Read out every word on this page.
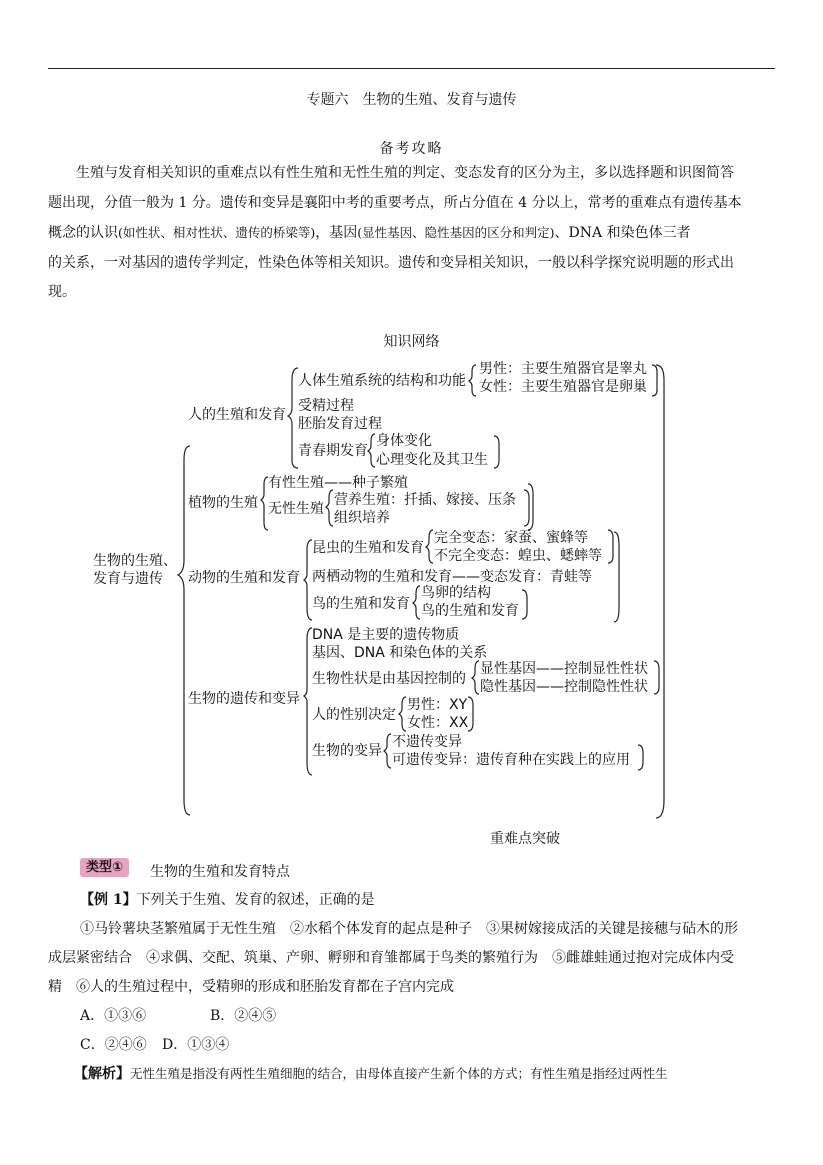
专题六　生物的生殖、发育与遗传
备考攻略

生殖与发育相关知识的重难点以有性生殖和无性生殖的判定、变态发育的区分为主，多以选择题和识图简答

题出现，分值一般为 1 分。遗传和变异是襄阳中考的重要考点，所占分值在 4 分以上，常考的重难点有遗传基本
概念的认识(如性状、相对性状、遗传的桥梁等)，基因(显性基因、隐性基因的区分和判定)、DNA 和染色体三者
的关系，一对基因的遗传学判定，性染色体等相关知识。遗传和变异相关知识，一般以科学探究说明题的形式出
现。
知识网络
生物的生殖、
发育与遗传
人的生殖和发育
人体生殖系统的结构和功能
男性：主要生殖器官是睾丸
女性：主要生殖器官是卵巢
受精过程
胚胎发育过程
青春期发育
身体变化
心理变化及其卫生
植物的生殖
有性生殖——种子繁殖
无性生殖
营养生殖：扦插、嫁接、压条
组织培养
动物的生殖和发育
昆虫的生殖和发育
完全变态：家蚕、蜜蜂等
不完全变态：蝗虫、蟋蟀等
两栖动物的生殖和发育——变态发育：青蛙等
鸟的生殖和发育
鸟卵的结构
鸟的生殖和发育
生物的遗传和变异
DNA 是主要的遗传物质
基因、DNA 和染色体的关系
生物性状是由基因控制的
显性基因——控制显性性状
隐性基因——控制隐性性状
人的性别决定
男性：XY
女性：XX
生物的变异
不遗传变异
可遗传变异：遗传育种在实践上的应用
重难点突破
类型①	生物的生殖和发育特点
【例 1】下列关于生殖、发育的叙述，正确的是
①马铃薯块茎繁殖属于无性生殖　②水稻个体发育的起点是种子　③果树嫁接成活的关键是接穗与砧木的形
成层紧密结合　④求偶、交配、筑巢、产卵、孵卵和育雏都属于鸟类的繁殖行为　⑤雌雄蛙通过抱对完成体内受
精　⑥人的生殖过程中，受精卵的形成和胚胎发育都在子宫内完成
A．①③⑥	B．②④⑤
C．②④⑥ D．①③④
【解析】无性生殖是指没有两性生殖细胞的结合，由母体直接产生新个体的方式；有性生殖是指经过两性生
